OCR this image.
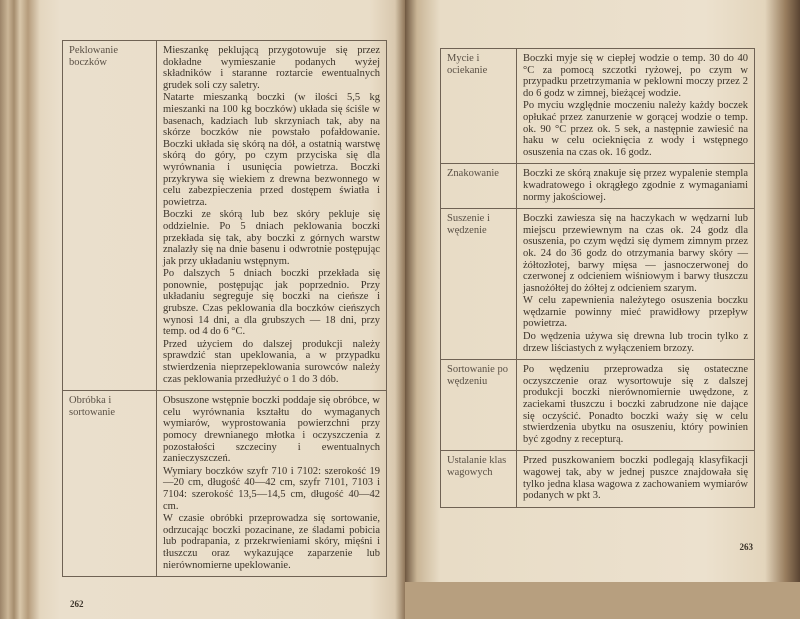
Peklowanie boczków

Mieszankę peklującą przygotowuje się przez dokładne wymieszanie podanych wyżej składników i staranne roztarcie ewentualnych grudek soli czy saletry.

Natarte mieszanką boczki (w ilości 5,5 kg mieszanki na 100 kg boczków) układa się ściśle w basenach, kadziach lub skrzyniach tak, aby na skórze boczków nie powstało pofałdowanie. Boczki układa się skórą na dół, a ostatnią warstwę skórą do góry, po czym przyciska się dla wyrównania i usunięcia powietrza. Boczki przykrywa się wiekiem z drewna bezwonnego w celu zabezpieczenia przed dostępem światła i powietrza.

Boczki ze skórą lub bez skóry pekluje się oddzielnie. Po 5 dniach peklowania boczki przekłada się tak, aby boczki z górnych warstw znalazły się na dnie basenu i odwrotnie postępując jak przy układaniu wstępnym.

Po dalszych 5 dniach boczki przekłada się ponownie, postępując jak poprzednio. Przy układaniu segreguje się boczki na cieńsze i grubsze. Czas peklowania dla boczków cieńszych wynosi 14 dni, a dla grubszych — 18 dni, przy temp. od 4 do 6 °C.

Przed użyciem do dalszej produkcji należy sprawdzić stan upeklowania, a w przypadku stwierdzenia nieprzepeklowania surowców należy czas peklowania przedłużyć o 1 do 3 dób.

Obróbka i sortowanie

Obsuszone wstępnie boczki poddaje się obróbce, w celu wyrównania kształtu do wymaganych wymiarów, wyprostowania powierzchni przy pomocy drewnianego młotka i oczyszczenia z pozostałości szczeciny i ewentualnych zanieczyszczeń.

Wymiary boczków szyfr 710 i 7102: szerokość 19—20 cm, długość 40—42 cm, szyfr 7101, 7103 i 7104: szerokość 13,5—14,5 cm, długość 40—42 cm.

W czasie obróbki przeprowadza się sortowanie, odrzucając boczki pozacinane, ze śladami pobicia lub podrapania, z przekrwieniami skóry, mięśni i tłuszczu oraz wykazujące zaparzenie lub nierównomierne upeklowanie.

262
Mycie i ociekanie

Boczki myje się w ciepłej wodzie o temp. 30 do 40 °C za pomocą szczotki ryżowej, po czym w przypadku przetrzymania w peklowni moczy przez 2 do 6 godz w zimnej, bieżącej wodzie.

Po myciu względnie moczeniu należy każdy boczek opłukać przez zanurzenie w gorącej wodzie o temp. ok. 90 °C przez ok. 5 sek, a następnie zawiesić na haku w celu ocieknięcia z wody i wstępnego osuszenia na czas ok. 16 godz.

Znakowanie	Boczki ze skórą znakuje się przez wypalenie stempla kwadratowego i okrągłego zgodnie z wymaganiami normy jakościowej.

Suszenie i wędzenie

Boczki zawiesza się na haczykach w wędzarni lub miejscu przewiewnym na czas ok. 24 godz dla osuszenia, po czym wędzi się dymem zimnym przez ok. 24 do 36 godz do otrzymania barwy skóry — żółtozłotej, barwy mięsa — jasnoczerwonej do czerwonej z odcieniem wiśniowym i barwy tłuszczu jasnożółtej do żółtej z odcieniem szarym.

W celu zapewnienia należytego osuszenia boczku wędzarnie powinny mieć prawidłowy przepływ powietrza.

Do wędzenia używa się drewna lub trocin tylko z drzew liściastych z wyłączeniem brzozy.

Sortowanie po wędzeniu

Po wędzeniu przeprowadza się ostateczne oczyszczenie oraz wysortowuje się z dalszej produkcji boczki nierównomiernie uwędzone, z zaciekami tłuszczu i boczki zabrudzone nie dające się oczyścić. Ponadto boczki waży się w celu stwierdzenia ubytku na osuszeniu, który powinien być zgodny z recepturą.

Ustalanie klas wagowych

Przed puszkowaniem boczki podlegają klasyfikacji wagowej tak, aby w jednej puszce znajdowała się tylko jedna klasa wagowa z zachowaniem wymiarów podanych w pkt 3.

263
